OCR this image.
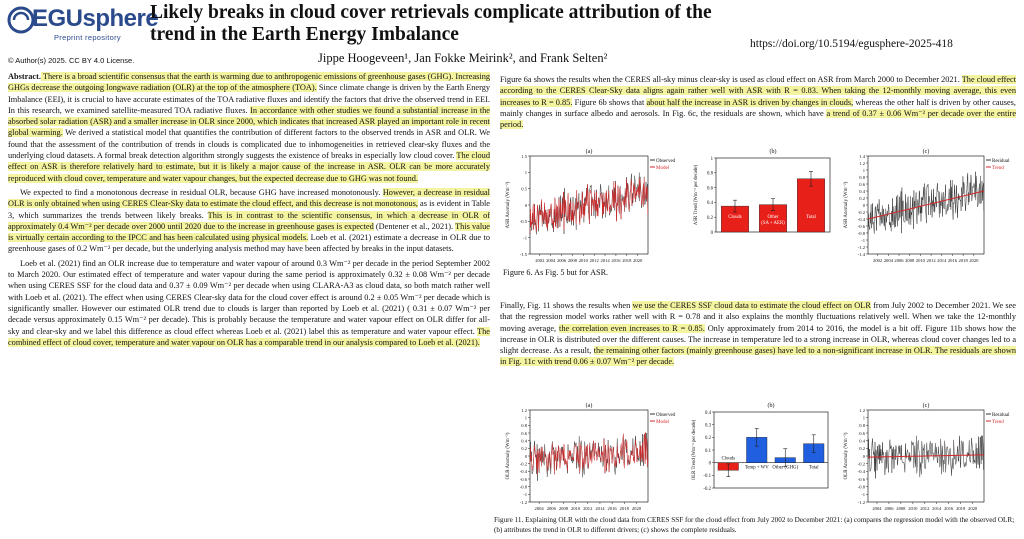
EGUsphere
Preprint repository
Likely breaks in cloud cover retrievals complicate attribution of the trend in the Earth Energy Imbalance	https://doi.org/10.5194/egusphere-2025-418
Jippe Hoogeveen¹, Jan Fokke Meirink², and Frank Selten²
© Author(s) 2025. CC BY 4.0 License.

Abstract. There is a broad scientific consensus that the earth is warming due to anthropogenic emissions of greenhouse gases (GHG). Increasing GHGs decrease the outgoing longwave radiation (OLR) at the top of the atmosphere (TOA). Since climate change is driven by the Earth Energy Imbalance (EEI), it is crucial to have accurate estimates of the TOA radiative fluxes and identify the factors that drive the observed trend in EEI. In this research, we examined satellite-measured TOA radiative fluxes. In accordance with other studies we found a substantial increase in the absorbed solar radiation (ASR) and a smaller increase in OLR since 2000, which indicates that increased ASR played an important role in recent global warming. We derived a statistical model that quantifies the contribution of different factors to the observed trends in ASR and OLR. We found that the assessment of the contribution of trends in clouds is complicated due to inhomogeneities in retrieved clear-sky fluxes and the underlying cloud datasets. A formal break detection algorithm strongly suggests the existence of breaks in especially low cloud cover. The cloud effect on ASR is therefore relatively hard to estimate, but it is likely a major cause of the increase in ASR. OLR can be more accurately reproduced with cloud cover, temperature and water vapour changes, but the expected decrease due to GHG was not found.

We expected to find a monotonous decrease in residual OLR, because GHG have increased monotonously. However, a decrease in residual OLR is only obtained when using CERES Clear-Sky data to estimate the cloud effect, and this decrease is not monotonous, as is evident in Table 3, which summarizes the trends between likely breaks. This is in contrast to the scientific consensus, in which a decrease in OLR of approximately 0.4 Wm⁻² per decade over 2000 until 2020 due to the increase in greenhouse gases is expected (Dentener et al., 2021). This value is virtually certain according to the IPCC and has been calculated using physical models. Loeb et al. (2021) estimate a decrease in OLR due to greenhouse gases of 0.2 Wm⁻² per decade, but the underlying analysis method may have been affected by breaks in the input datasets.

Loeb et al. (2021) find an OLR increase due to temperature and water vapour of around 0.3 Wm⁻² per decade in the period September 2002 to March 2020. Our estimated effect of temperature and water vapour during the same period is approximately 0.32 ± 0.08 Wm⁻² per decade when using CERES SSF for the cloud data and 0.37 ± 0.09 Wm⁻² per decade when using CLARA-A3 as cloud data, so both match rather well with Loeb et al. (2021). The effect when using CERES Clear-sky data for the cloud cover effect is around 0.2 ± 0.05 Wm⁻² per decade which is significantly smaller. However our estimated OLR trend due to clouds is larger than reported by Loeb et al. (2021) ( 0.31 ± 0.07 Wm⁻² per decade versus approximately 0.15 Wm⁻² per decade). This is probably because the temperature and water vapour effect on OLR differ for all-sky and clear-sky and we label this difference as cloud effect whereas Loeb et al. (2021) label this as temperature and water vapour effect. The combined effect of cloud cover, temperature and water vapour on OLR has a comparable trend in our analysis compared to Loeb et al. (2021).

Figure 6a shows the results when the CERES all-sky minus clear-sky is used as cloud effect on ASR from March 2000 to December 2021. The cloud effect according to the CERES Clear-Sky data aligns again rather well with ASR with R = 0.83. When taking the 12-monthly moving average, this even increases to R = 0.85. Figure 6b shows that about half the increase in ASR is driven by changes in clouds, whereas the other half is driven by other causes, mainly changes in surface albedo and aerosols. In Fig. 6c, the residuals are shown, which have a trend of 0.37 ± 0.06 Wm⁻² per decade over the entire period.
(a)
1.5
1
0.5
0
-0.5
-1
-1.5
2002 2004 2006 2008 2010 2012 2014 2016 2018 2020
ASR Anomaly (Wm⁻²)
Observed
Model
(b)
1
0.8
0.6
0.4
0.2
0
ASR Trend (Wm⁻² per decade)	Clouds	Other
(SA + AER)
Total
(c)
1.4
1.2
1
0.8
0.6
0.4
0.2
0
-0.2
-0.4
-0.6
-0.8
-1
-1.2
-1.4
2002 2004 2006 2008 2010 2012 2014 2016 2018 2020
ASR Anomaly (Wm⁻²)
Residual
Trend
Figure 6. As Fig. 5 but for ASR.
Finally, Fig. 11 shows the results when we use the CERES SSF cloud data to estimate the cloud effect on OLR from July 2002 to December 2021. We see that the regression model works rather well with R = 0.78 and it also explains the monthly fluctuations relatively well. When we take the 12-monthly moving average, the correlation even increases to R = 0.85. Only approximately from 2014 to 2016, the model is a bit off. Figure 11b shows how the increase in OLR is distributed over the different causes. The increase in temperature led to a strong increase in OLR, whereas cloud cover changes led to a slight decrease. As a result, the remaining other factors (mainly greenhouse gases) have led to a non-significant increase in OLR. The residuals are shown in Fig. 11c with trend 0.06 ± 0.07 Wm⁻² per decade.
(a)
1.2
1
0.8
0.6
0.4
0.2
0
-0.2
-0.4
-0.6
-0.8
-1
-1.2
2004 2006 2008 2010 2012 2014 2016 2018 2020
OLR Anomaly (Wm⁻²)
Observed
Model
(b)
0.4
0.3
0.2
0.1
0
-0.1
-0.2
OLR Trend (Wm⁻² per decade)	Clouds
Temp + WV Other (GHG) Total
(c)
1.2
1
0.8
0.6
0.4
0.2
0
-0.2
-0.4
-0.6
-0.8
-1
-1.2
2004 2006 2008 2010 2012 2014 2016 2018 2020
OLR Anomaly (Wm⁻²)
Residual
Trend
Figure 11. Explaining OLR with the cloud data from CERES SSF for the cloud effect from July 2002 to December 2021: (a) compares the regression model with the observed OLR; (b) attributes the trend in OLR to different drivers; (c) shows the complete residuals.
